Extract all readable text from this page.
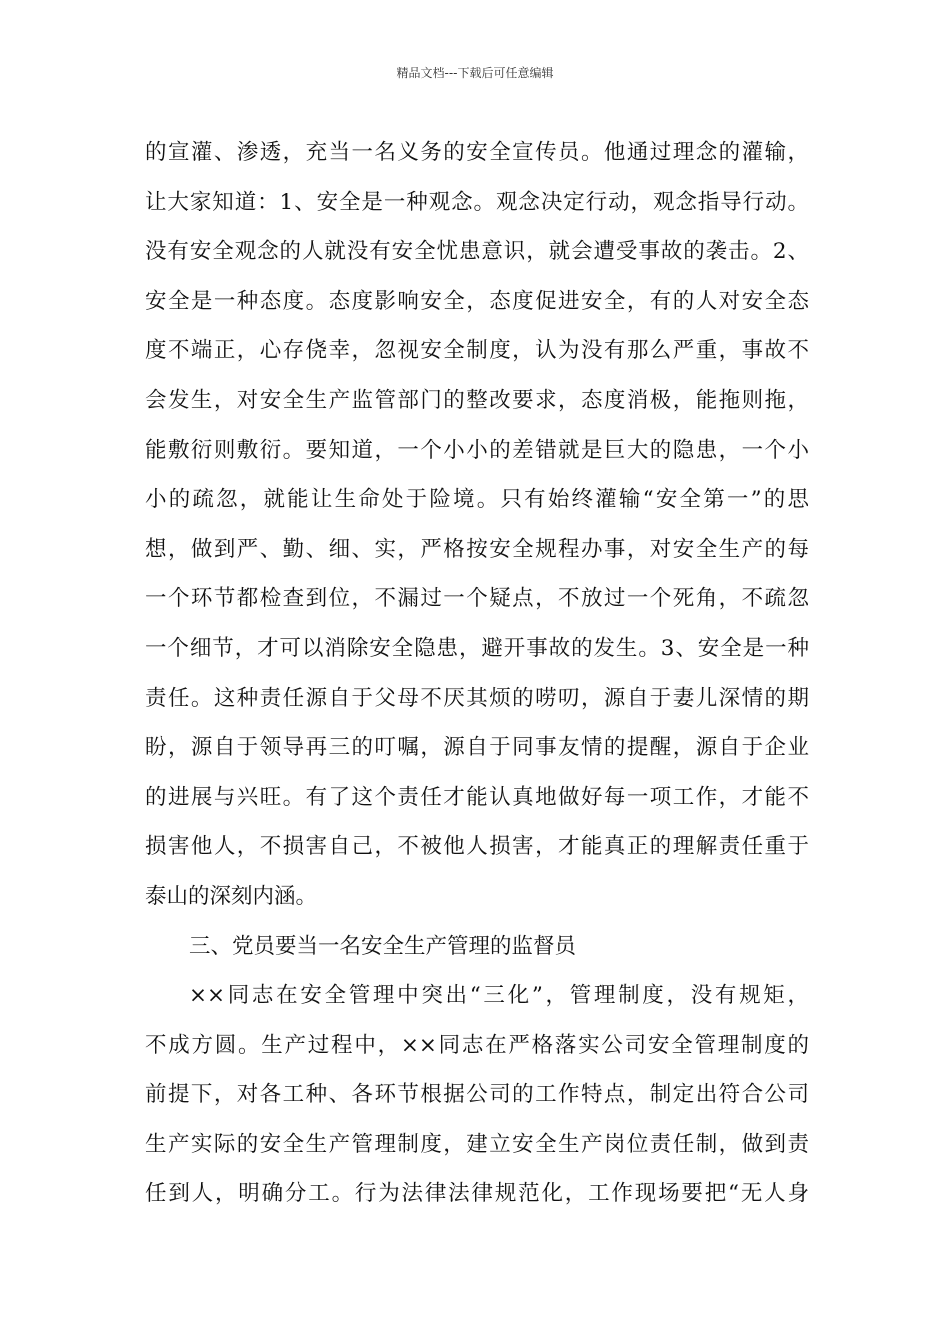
精品文档---下载后可任意编辑
的宣灌、渗透，充当一名义务的安全宣传员。他通过理念的灌输，
让大家知道：1、安全是一种观念。观念决定行动，观念指导行动。
没有安全观念的人就没有安全忧患意识，就会遭受事故的袭击。2、
安全是一种态度。态度影响安全，态度促进安全，有的人对安全态
度不端正，心存侥幸，忽视安全制度，认为没有那么严重，事故不
会发生，对安全生产监管部门的整改要求，态度消极，能拖则拖，
能敷衍则敷衍。要知道，一个小小的差错就是巨大的隐患，一个小
小的疏忽，就能让生命处于险境。只有始终灌输“安全第一”的思
想，做到严、勤、细、实，严格按安全规程办事，对安全生产的每
一个环节都检查到位，不漏过一个疑点，不放过一个死角，不疏忽
一个细节，才可以消除安全隐患，避开事故的发生。3、安全是一种
责任。这种责任源自于父母不厌其烦的唠叨，源自于妻儿深情的期
盼，源自于领导再三的叮嘱，源自于同事友情的提醒，源自于企业
的进展与兴旺。有了这个责任才能认真地做好每一项工作，才能不
损害他人，不损害自己，不被他人损害，才能真正的理解责任重于
泰山的深刻内涵。
三、党员要当一名安全生产管理的监督员
××同志在安全管理中突出“三化”，管理制度，没有规矩，
不成方圆。生产过程中，××同志在严格落实公司安全管理制度的
前提下，对各工种、各环节根据公司的工作特点，制定出符合公司
生产实际的安全生产管理制度，建立安全生产岗位责任制，做到责
任到人，明确分工。行为法律法律规范化，工作现场要把“无人身
